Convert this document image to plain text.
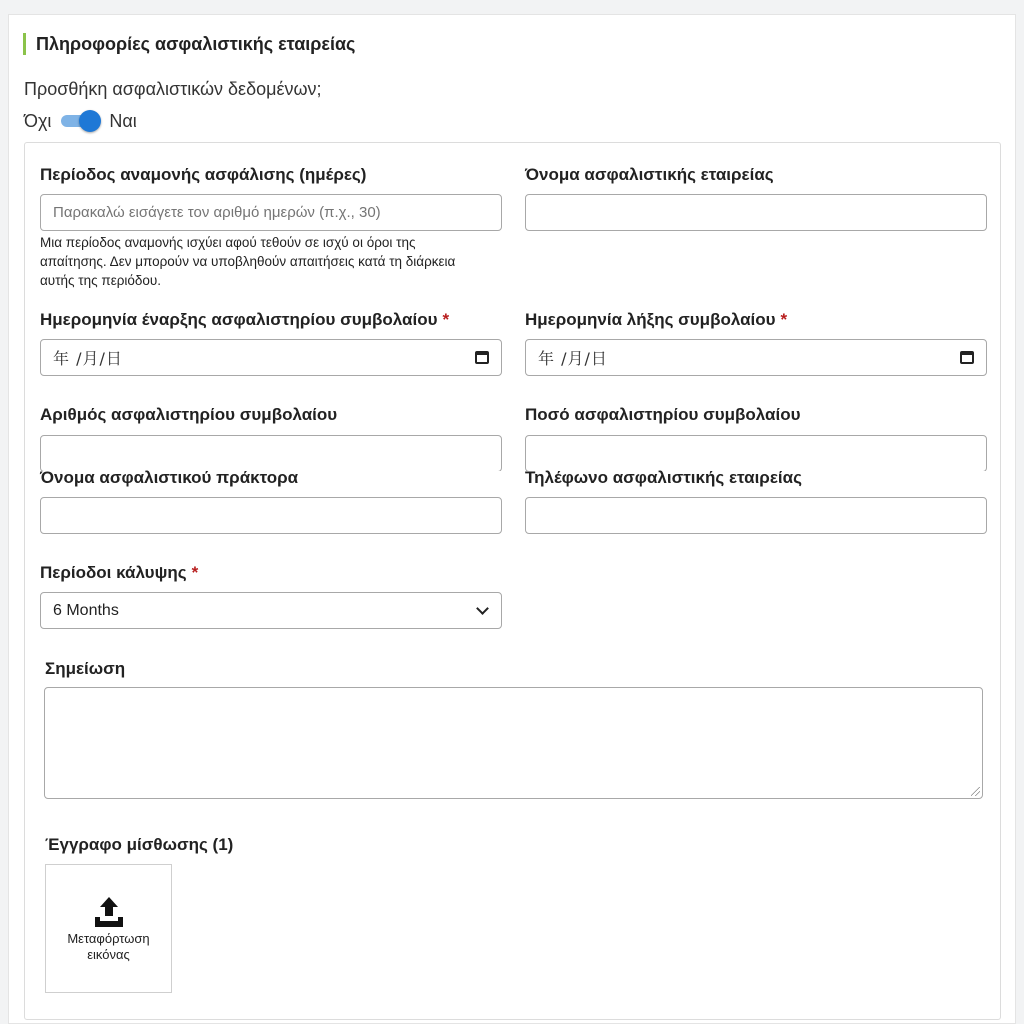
Πληροφορίες ασφαλιστικής εταιρείας
Προσθήκη ασφαλιστικών δεδομένων;
Όχι	Ναι
Περίοδος αναμονής ασφάλισης (ημέρες)
Παρακαλώ εισάγετε τον αριθμό ημερών (π.χ., 30)
Μια περίοδος αναμονής ισχύει αφού τεθούν σε ισχύ οι όροι της απαίτησης. Δεν μπορούν να υποβληθούν απαιτήσεις κατά τη διάρκεια αυτής της περιόδου.
Όνομα ασφαλιστικής εταιρείας
Ημερομηνία έναρξης ασφαλιστηρίου συμβολαίου *
年 /月/日
Ημερομηνία λήξης συμβολαίου *
年 /月/日
Αριθμός ασφαλιστηρίου συμβολαίου	Ποσό ασφαλιστηρίου συμβολαίου
Όνομα ασφαλιστικού πράκτορα	Τηλέφωνο ασφαλιστικής εταιρείας
Περίοδοι κάλυψης *
6 Months
Σημείωση
Έγγραφο μίσθωσης (1)
Μεταφόρτωση εικόνας
